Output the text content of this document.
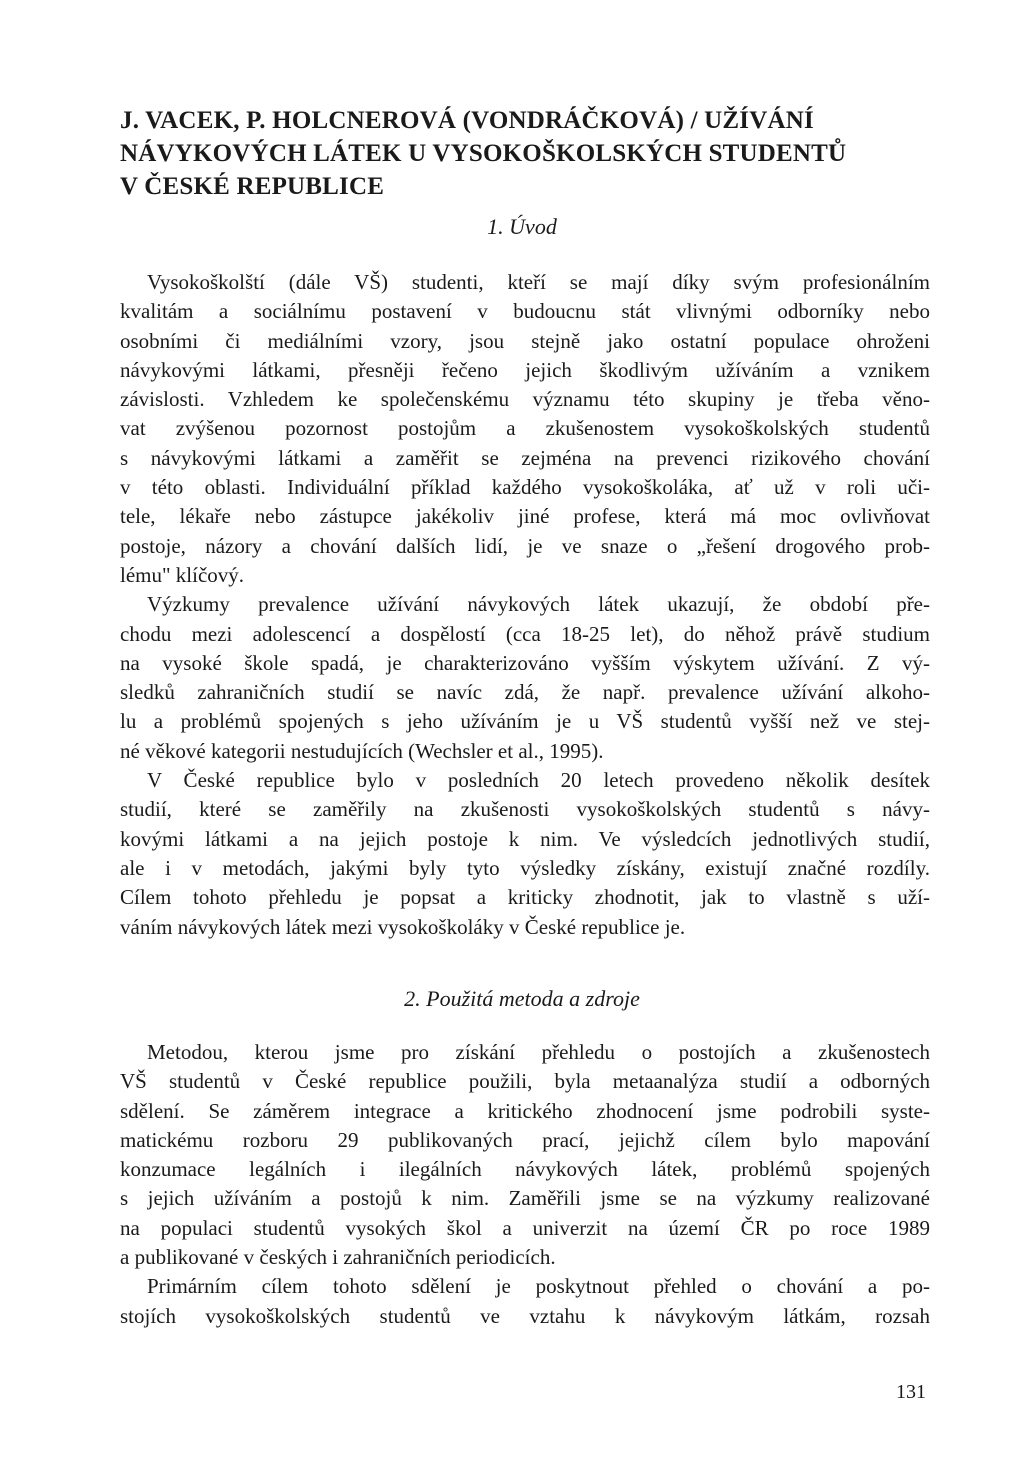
J. VACEK, P. HOLCNEROVÁ (VONDRÁČKOVÁ) / UŽÍVÁNÍ
NÁVYKOVÝCH LÁTEK U VYSOKOŠKOLSKÝCH STUDENTŮ
V ČESKÉ REPUBLICE
1. Úvod
Vysokoškolští (dále VŠ) studenti, kteří se mají díky svým profesionálním
kvalitám a sociálnímu postavení v budoucnu stát vlivnými odborníky nebo
osobními či mediálními vzory, jsou stejně jako ostatní populace ohroženi
návykovými látkami, přesněji řečeno jejich škodlivým užíváním a vznikem
závislosti. Vzhledem ke společenskému významu této skupiny je třeba věno-
vat zvýšenou pozornost postojům a zkušenostem vysokoškolských studentů
s návykovými látkami a zaměřit se zejména na prevenci rizikového chování
v této oblasti. Individuální příklad každého vysokoškoláka, ať už v roli uči-
tele, lékaře nebo zástupce jakékoliv jiné profese, která má moc ovlivňovat
postoje, názory a chování dalších lidí, je ve snaze o „řešení drogového prob-
lému" klíčový.
Výzkumy prevalence užívání návykových látek ukazují, že období pře-
chodu mezi adolescencí a dospělostí (cca 18-25 let), do něhož právě studium
na vysoké škole spadá, je charakterizováno vyšším výskytem užívání. Z vý-
sledků zahraničních studií se navíc zdá, že např. prevalence užívání alkoho-
lu a problémů spojených s jeho užíváním je u VŠ studentů vyšší než ve stej-
né věkové kategorii nestudujících (Wechsler et al., 1995).
V České republice bylo v posledních 20 letech provedeno několik desítek
studií, které se zaměřily na zkušenosti vysokoškolských studentů s návy-
kovými látkami a na jejich postoje k nim. Ve výsledcích jednotlivých studií,
ale i v metodách, jakými byly tyto výsledky získány, existují značné rozdíly.
Cílem tohoto přehledu je popsat a kriticky zhodnotit, jak to vlastně s uží-
váním návykových látek mezi vysokoškoláky v České republice je.
2. Použitá metoda a zdroje
Metodou, kterou jsme pro získání přehledu o postojích a zkušenostech
VŠ studentů v České republice použili, byla metaanalýza studií a odborných
sdělení. Se záměrem integrace a kritického zhodnocení jsme podrobili syste-
matickému rozboru 29 publikovaných prací, jejichž cílem bylo mapování
konzumace legálních i ilegálních návykových látek, problémů spojených
s jejich užíváním a postojů k nim. Zaměřili jsme se na výzkumy realizované
na populaci studentů vysokých škol a univerzit na území ČR po roce 1989
a publikované v českých i zahraničních periodicích.
Primárním cílem tohoto sdělení je poskytnout přehled o chování a po-
stojích vysokoškolských studentů ve vztahu k návykovým látkám, rozsah
131
